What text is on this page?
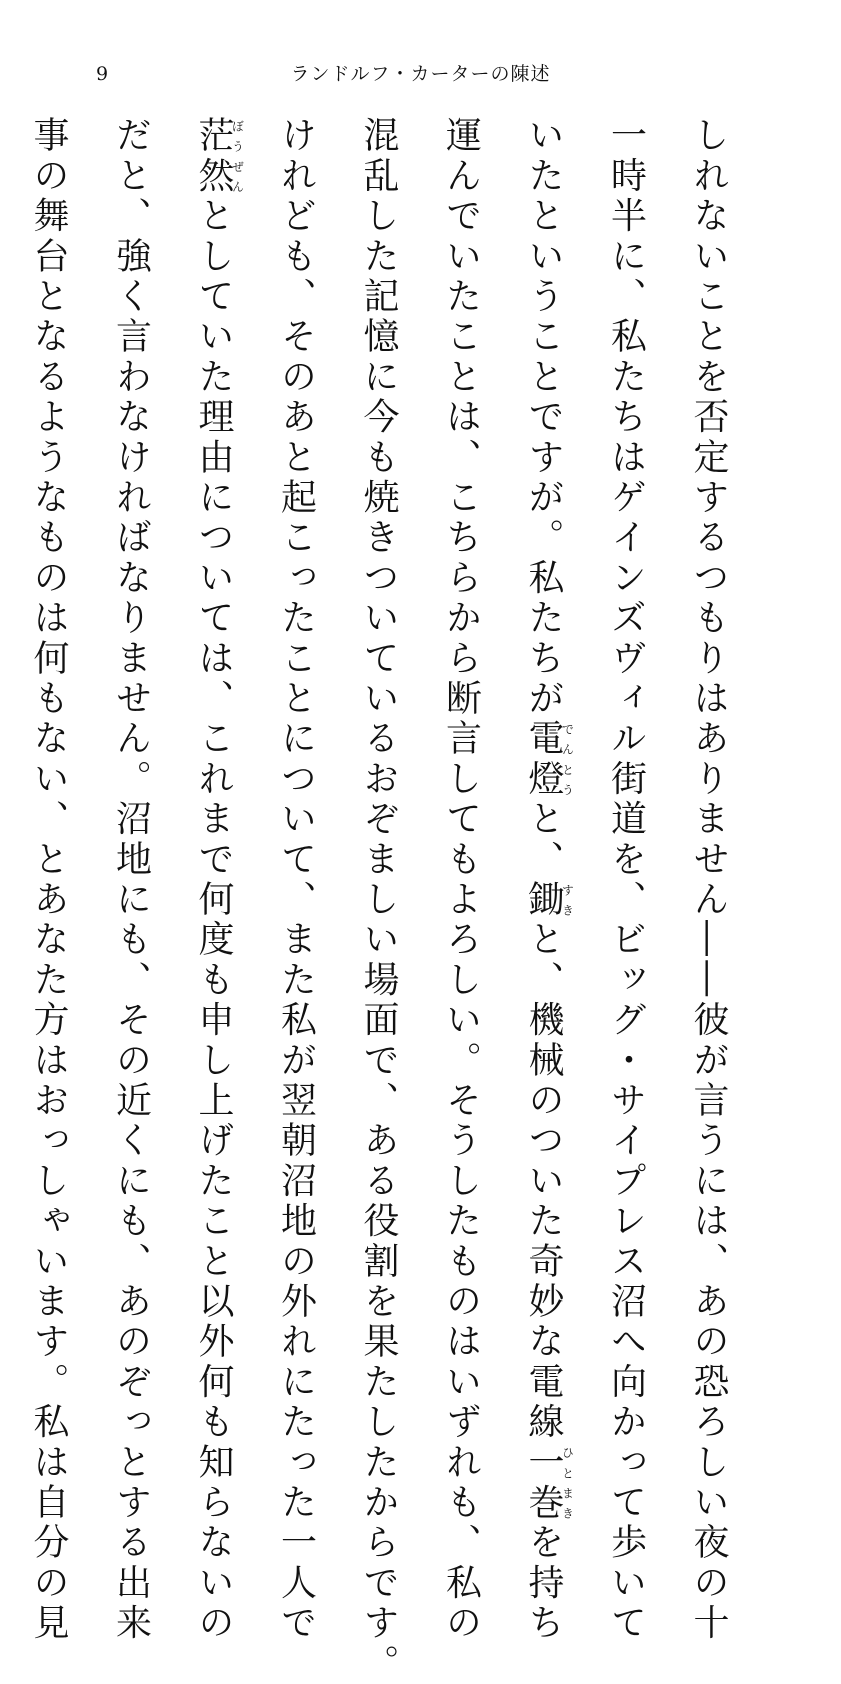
9	ランドルフ・カーターの陳述

しれないことを否定するつもりはありません――彼が言うには、あの恐ろしい夜の十
一時半に、私たちはゲインズヴィル街道を、ビッグ・サイプレス沼へ向かって歩いて
いたということですが。私たちが電燈でんとうと、鋤すきと、機械のついた奇妙な電線一巻ひとまきを持ち
運んでいたことは、こちらから断言してもよろしい。そうしたものはいずれも、私の
混乱した記憶に今も焼きついているおぞましい場面で、ある役割を果たしたからです。
けれども、そのあと起こったことについて、また私が翌朝沼地の外れにたった一人で
茫然ぼうぜんとしていた理由については、これまで何度も申し上げたこと以外何も知らないの
だと、強く言わなければなりません。沼地にも、その近くにも、あのぞっとする出来
事の舞台となるようなものは何もない、とあなた方はおっしゃいます。私は自分の見
